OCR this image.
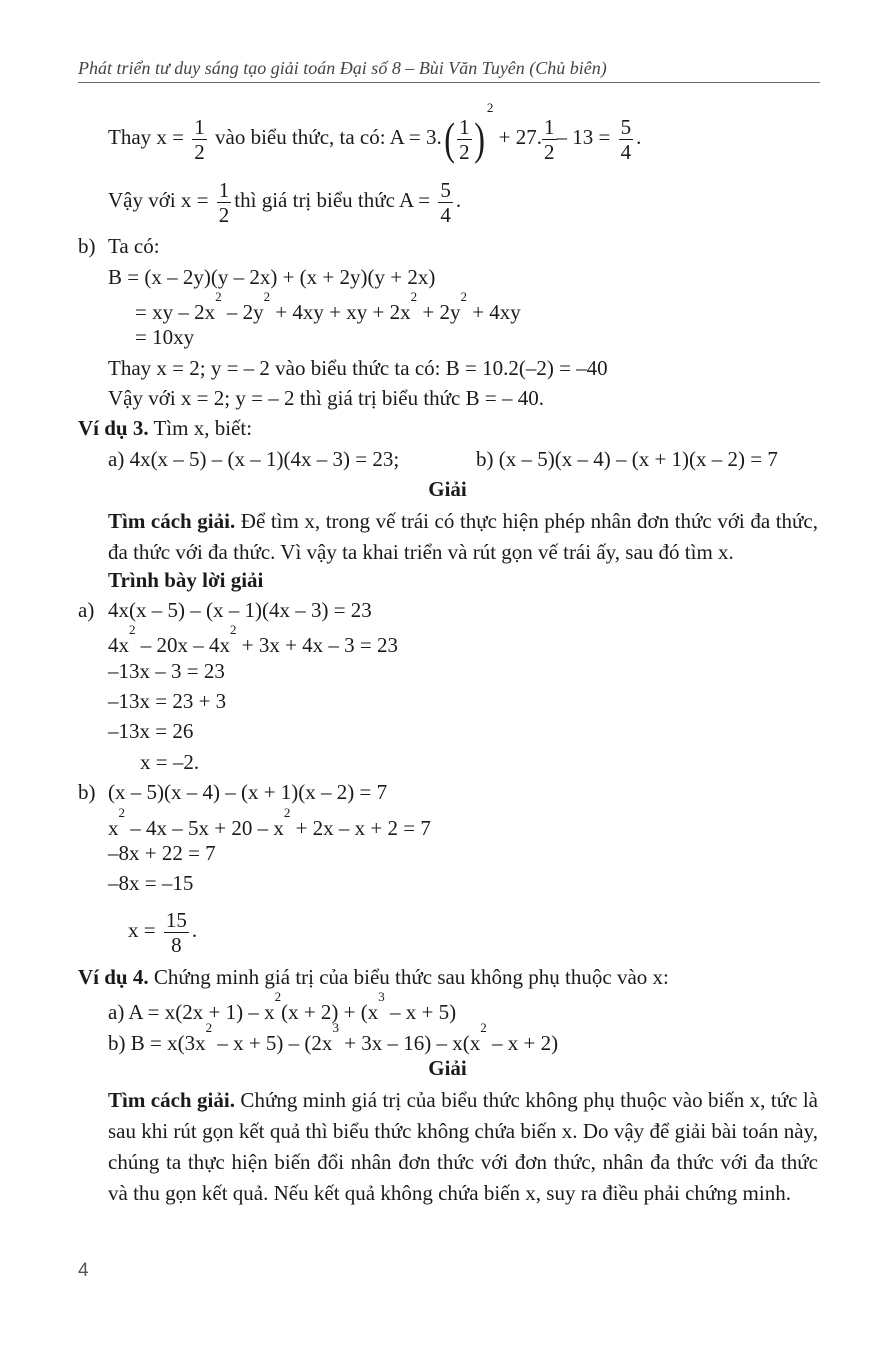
Phát triển tư duy sáng tạo giải toán Đại số 8 – Bùi Văn Tuyên (Chủ biên)
Thay $x = \frac{1}{2}$ vào biểu thức, ta có: $A = 3.( \frac{1}{2} )^2 + 27$. $\frac{1}{2} - 13 = \frac{5}{4}$ .
Vậy với $x = \frac{1}{2}$ thì giá trị biểu thức $A = \frac{5}{4}$ .
b) Ta có:
B = (x – 2y)(y – 2x) + (x + 2y)(y + 2x)
= xy – $2x^2 - 2y^2 + 4xy$ + xy + $2x^2 + 2y^2 + 4xy$
= 10xy
Thay x = 2; y = – 2 vào biểu thức ta có: B = 10.2(–2) = –40
Vậy với x = 2; y = – 2 thì giá trị biểu thức B = – 40.
Ví dụ 3. Tìm x, biết:
a) 4x(x – 5) – (x – 1)(4x – 3) = 23;	b) (x – 5)(x – 4) – (x + 1)(x – 2) = 7
Giải
Tìm cách giải. Để tìm x, trong vế trái có thực hiện phép nhân đơn thức với đa thức, đa thức với đa thức. Vì vậy ta khai triển và rút gọn vế trái ấy, sau đó tìm x.
Trình bày lời giải
a) 4x(x – 5) – (x – 1)(4x – 3) = 23
$4x^2 - 20x - 4x^2 + 3x + 4x - 3 = 23$
–13x – 3 = 23
–13x = 23 + 3
–13x = 26
x = –2.
b) (x – 5)(x – 4) – (x + 1)(x – 2) = 7
$x^2 - 4x - 5x + 20 - x^2 + 2x - x + 2 = 7$
–8x + 22 = 7
–8x = –15
$x = \frac{15}{8}$ .
Ví dụ 4. Chứng minh giá trị của biểu thức sau không phụ thuộc vào x:
a) $A = x(2x + 1) - x^2(x + 2) + (x^3 - x + 5)$
b) $B = x(3x^2 - x + 5) - (2x^3 + 3x - 16) - x(x^2 - x + 2)$
Giải
Tìm cách giải. Chứng minh giá trị của biểu thức không phụ thuộc vào biến x, tức là sau khi rút gọn kết quả thì biểu thức không chứa biến x. Do vậy để giải bài toán này, chúng ta thực hiện biến đổi nhân đơn thức với đơn thức, nhân đa thức với đa thức và thu gọn kết quả. Nếu kết quả không chứa biến x, suy ra điều phải chứng minh.
4
